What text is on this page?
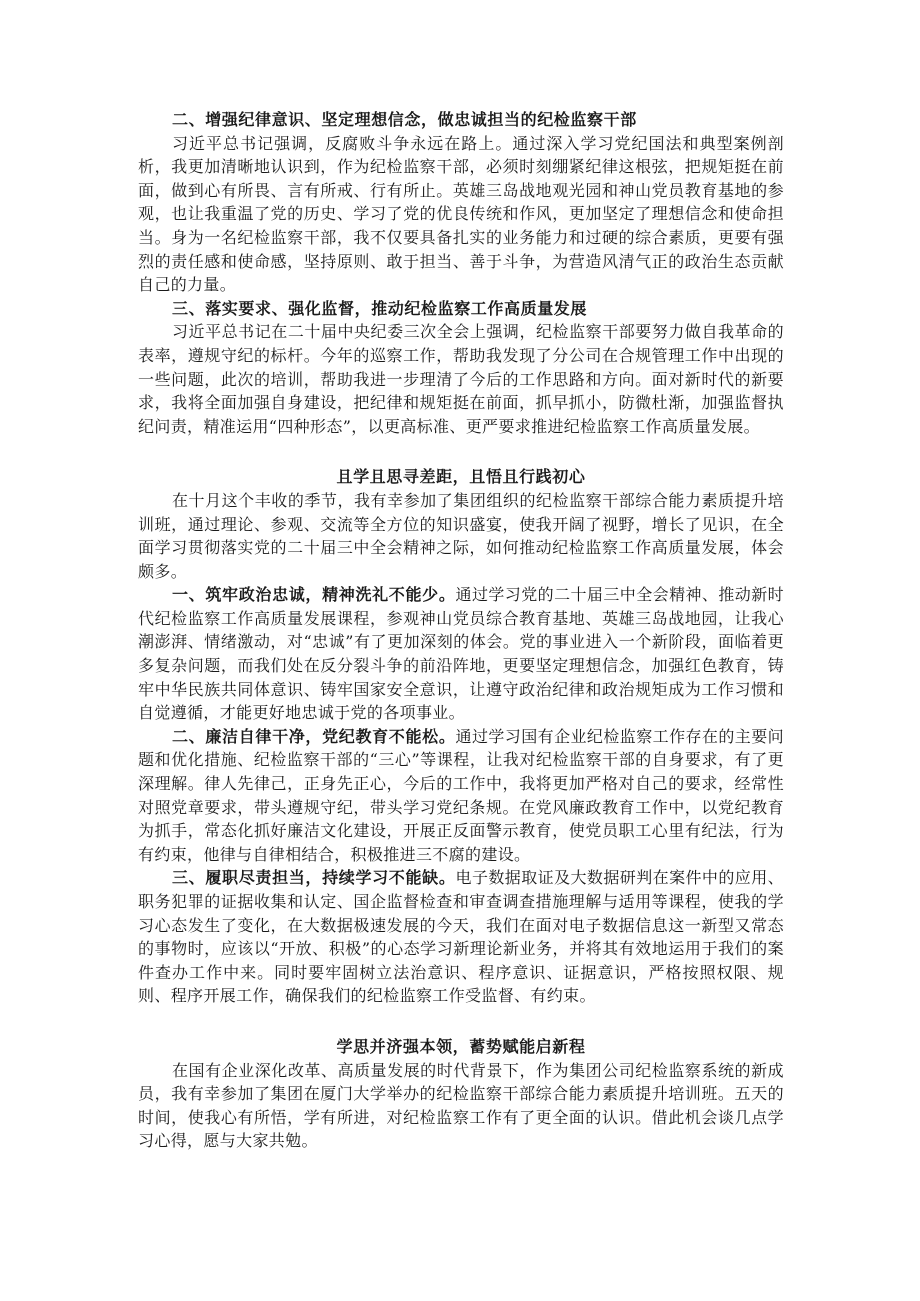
二、增强纪律意识、坚定理想信念，做忠诚担当的纪检监察干部

习近平总书记强调，反腐败斗争永远在路上。通过深入学习党纪国法和典型案例剖析，我更加清晰地认识到，作为纪检监察干部，必须时刻绷紧纪律这根弦，把规矩挺在前面，做到心有所畏、言有所戒、行有所止。英雄三岛战地观光园和神山党员教育基地的参观，也让我重温了党的历史、学习了党的优良传统和作风，更加坚定了理想信念和使命担当。身为一名纪检监察干部，我不仅要具备扎实的业务能力和过硬的综合素质，更要有强烈的责任感和使命感，坚持原则、敢于担当、善于斗争，为营造风清气正的政治生态贡献自己的力量。

三、落实要求、强化监督，推动纪检监察工作高质量发展

习近平总书记在二十届中央纪委三次全会上强调，纪检监察干部要努力做自我革命的表率，遵规守纪的标杆。今年的巡察工作，帮助我发现了分公司在合规管理工作中出现的一些问题，此次的培训，帮助我进一步理清了今后的工作思路和方向。面对新时代的新要求，我将全面加强自身建设，把纪律和规矩挺在前面，抓早抓小，防微杜渐，加强监督执纪问责，精准运用“四种形态”，以更高标准、更严要求推进纪检监察工作高质量发展。

且学且思寻差距，且悟且行践初心

在十月这个丰收的季节，我有幸参加了集团组织的纪检监察干部综合能力素质提升培训班，通过理论、参观、交流等全方位的知识盛宴，使我开阔了视野，增长了见识，在全面学习贯彻落实党的二十届三中全会精神之际，如何推动纪检监察工作高质量发展，体会颇多。

一、筑牢政治忠诚，精神洗礼不能少。通过学习党的二十届三中全会精神、推动新时代纪检监察工作高质量发展课程，参观神山党员综合教育基地、英雄三岛战地园，让我心潮澎湃、情绪激动，对“忠诚”有了更加深刻的体会。党的事业进入一个新阶段，面临着更多复杂问题，而我们处在反分裂斗争的前沿阵地，更要坚定理想信念，加强红色教育，铸牢中华民族共同体意识、铸牢国家安全意识，让遵守政治纪律和政治规矩成为工作习惯和自觉遵循，才能更好地忠诚于党的各项事业。

二、廉洁自律干净，党纪教育不能松。通过学习国有企业纪检监察工作存在的主要问题和优化措施、纪检监察干部的“三心”等课程，让我对纪检监察干部的自身要求，有了更深理解。律人先律己，正身先正心，今后的工作中，我将更加严格对自己的要求，经常性对照党章要求，带头遵规守纪，带头学习党纪条规。在党风廉政教育工作中，以党纪教育为抓手，常态化抓好廉洁文化建设，开展正反面警示教育，使党员职工心里有纪法，行为有约束，他律与自律相结合，积极推进三不腐的建设。

三、履职尽责担当，持续学习不能缺。电子数据取证及大数据研判在案件中的应用、职务犯罪的证据收集和认定、国企监督检查和审查调查措施理解与适用等课程，使我的学习心态发生了变化，在大数据极速发展的今天，我们在面对电子数据信息这一新型又常态的事物时，应该以“开放、积极”的心态学习新理论新业务，并将其有效地运用于我们的案件查办工作中来。同时要牢固树立法治意识、程序意识、证据意识，严格按照权限、规则、程序开展工作，确保我们的纪检监察工作受监督、有约束。

学思并济强本领，蓄势赋能启新程

在国有企业深化改革、高质量发展的时代背景下，作为集团公司纪检监察系统的新成员，我有幸参加了集团在厦门大学举办的纪检监察干部综合能力素质提升培训班。五天的时间，使我心有所悟，学有所进，对纪检监察工作有了更全面的认识。借此机会谈几点学习心得，愿与大家共勉。
